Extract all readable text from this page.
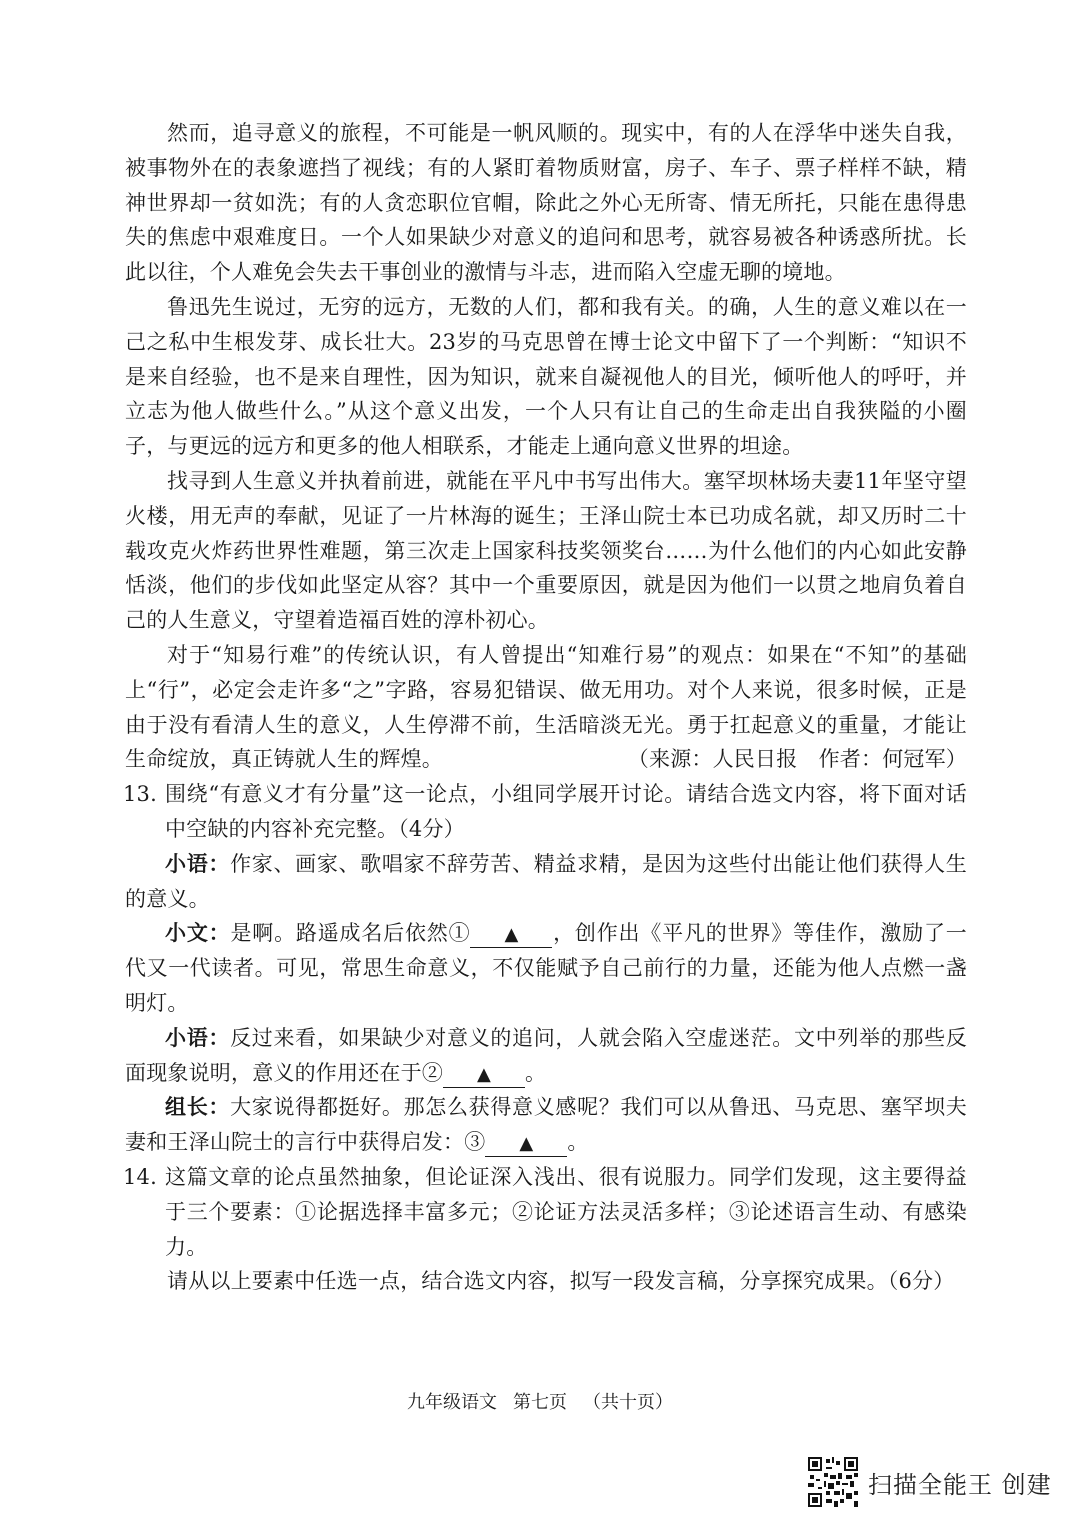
然而，追寻意义的旅程，不可能是一帆风顺的。现实中，有的人在浮华中迷失自我，被事物外在的表象遮挡了视线；有的人紧盯着物质财富，房子、车子、票子样样不缺，精神世界却一贫如洗；有的人贪恋职位官帽，除此之外心无所寄、情无所托，只能在患得患失的焦虑中艰难度日。一个人如果缺少对意义的追问和思考，就容易被各种诱惑所扰。长此以往，个人难免会失去干事创业的激情与斗志，进而陷入空虚无聊的境地。

鲁迅先生说过，无穷的远方，无数的人们，都和我有关。的确，人生的意义难以在一己之私中生根发芽、成长壮大。23岁的马克思曾在博士论文中留下了一个判断：“知识不是来自经验，也不是来自理性，因为知识，就来自凝视他人的目光，倾听他人的呼吁，并立志为他人做些什么。”从这个意义出发，一个人只有让自己的生命走出自我狭隘的小圈子，与更远的远方和更多的他人相联系，才能走上通向意义世界的坦途。

找寻到人生意义并执着前进，就能在平凡中书写出伟大。塞罕坝林场夫妻11年坚守望火楼，用无声的奉献，见证了一片林海的诞生；王泽山院士本已功成名就，却又历时二十载攻克火炸药世界性难题，第三次走上国家科技奖领奖台……为什么他们的内心如此安静恬淡，他们的步伐如此坚定从容？其中一个重要原因，就是因为他们一以贯之地肩负着自己的人生意义，守望着造福百姓的淳朴初心。

对于“知易行难”的传统认识，有人曾提出“知难行易”的观点：如果在“不知”的基础上“行”，必定会走许多“之”字路，容易犯错误、做无用功。对个人来说，很多时候，正是由于没有看清人生的意义，人生停滞不前，生活暗淡无光。勇于扛起意义的重量，才能让生命绽放，真正铸就人生的辉煌。	（来源：人民日报　作者：何冠军）

13. 围绕“有意义才有分量”这一论点，小组同学展开讨论。请结合选文内容，将下面对话中空缺的内容补充完整。（4分）

小语：作家、画家、歌唱家不辞劳苦、精益求精，是因为这些付出能让他们获得人生的意义。

小文：是啊。路遥成名后依然① ▲ ，创作出《平凡的世界》等佳作，激励了一代又一代读者。可见，常思生命意义，不仅能赋予自己前行的力量，还能为他人点燃一盏明灯。

小语：反过来看，如果缺少对意义的追问，人就会陷入空虚迷茫。文中列举的那些反面现象说明，意义的作用还在于② ▲ 。

组长：大家说得都挺好。那怎么获得意义感呢？我们可以从鲁迅、马克思、塞罕坝夫妻和王泽山院士的言行中获得启发：③ ▲ 。

14. 这篇文章的论点虽然抽象，但论证深入浅出、很有说服力。同学们发现，这主要得益于三个要素：①论据选择丰富多元；②论证方法灵活多样；③论述语言生动、有感染力。

请从以上要素中任选一点，结合选文内容，拟写一段发言稿，分享探究成果。（6分）

九年级语文 第七页 （共十页）
扫描全能王 创建
